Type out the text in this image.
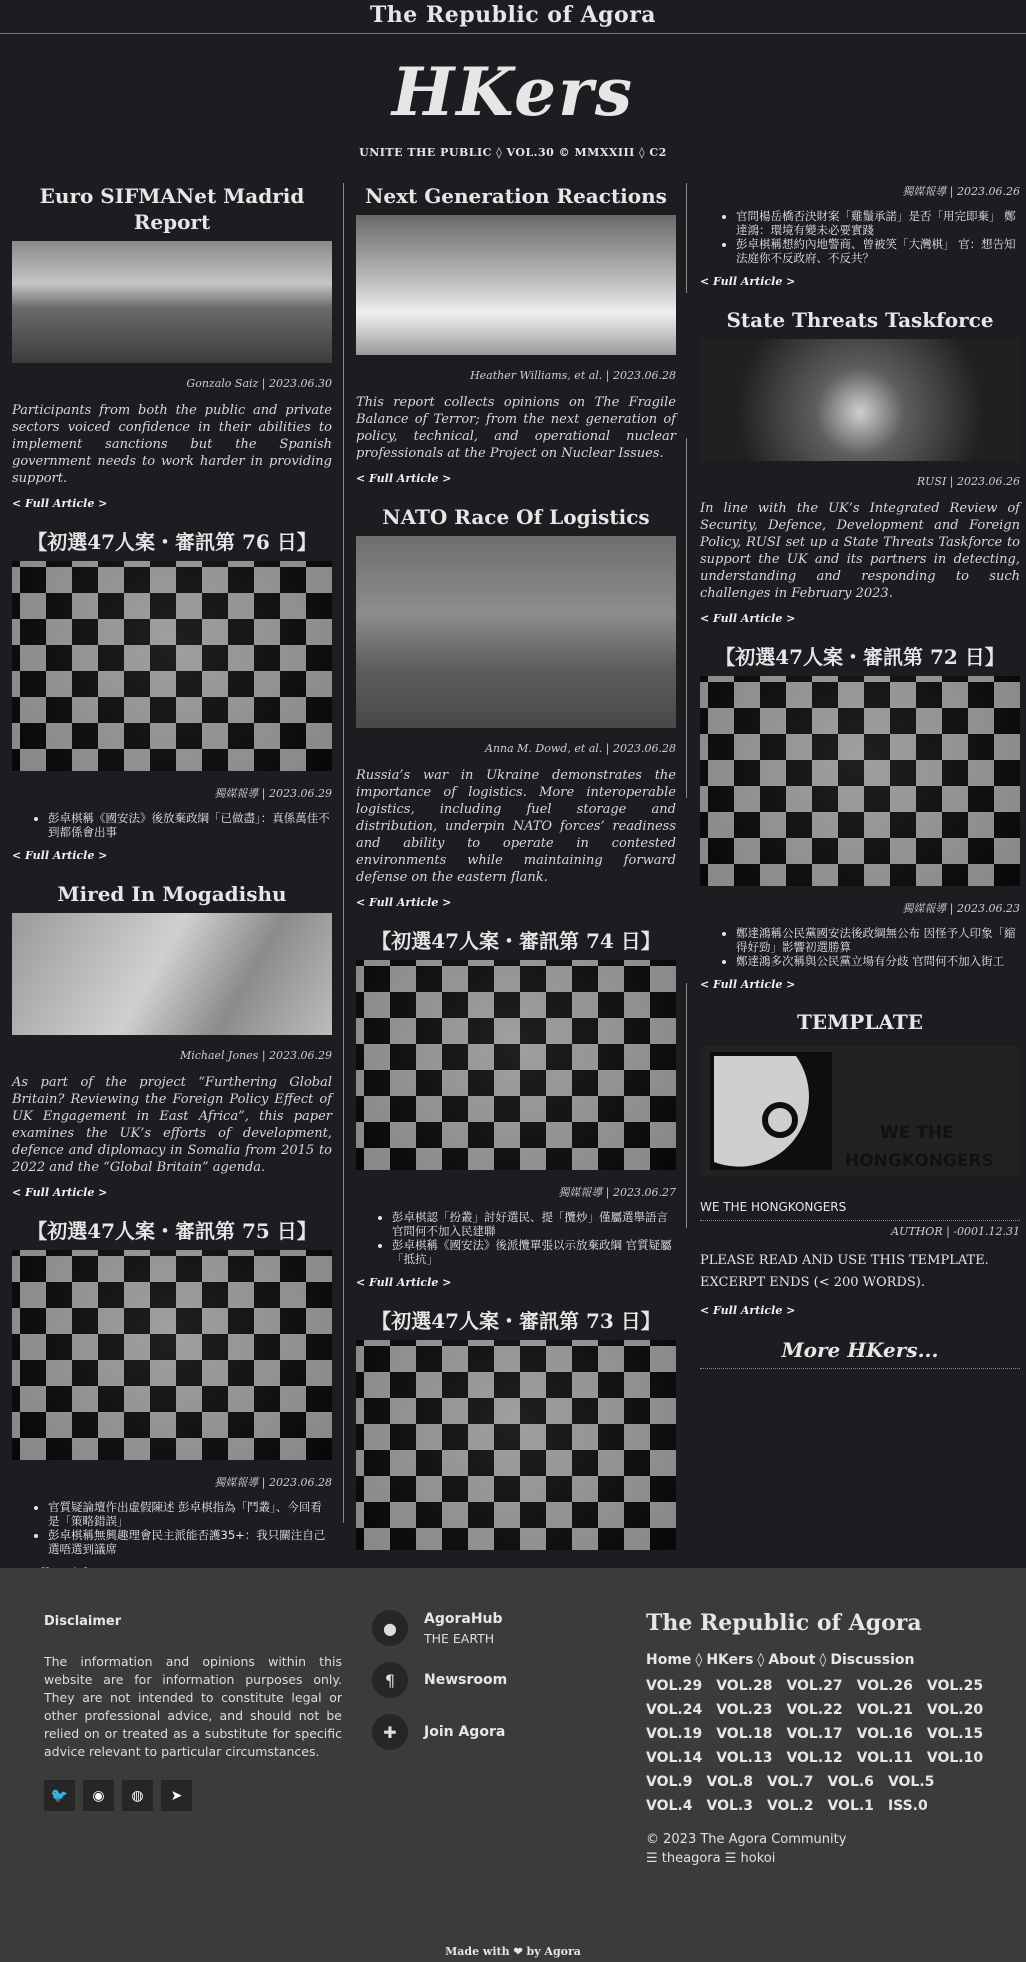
The Republic of Agora
HKers
UNITE THE PUBLIC ◊ VOL.30 © MMXXIII ◊ C2
Euro SIFMANet Madrid Report
Gonzalo Saiz | 2023.06.30
Participants from both the public and private sectors voiced confidence in their abilities to implement sanctions but the Spanish government needs to work harder in providing support.
< Full Article >
【初選47人案・審訊第 76 日】
獨媒報導 | 2023.06.29
• 彭卓棋稱《國安法》後放棄政綱「已做盡」：真係萬佳不到都係會出事
< Full Article >
Mired In Mogadishu
Michael Jones | 2023.06.29
As part of the project “Furthering Global Britain? Reviewing the Foreign Policy Effect of UK Engagement in East Africa”, this paper examines the UK’s efforts of development, defence and diplomacy in Somalia from 2015 to 2022 and the “Global Britain” agenda.
< Full Article >
【初選47人案・審訊第 75 日】
獨媒報導 | 2023.06.28
• 官質疑論壇作出虛假陳述 彭卓棋指為「鬥叢」、今回看是「策略錯誤」
• 彭卓棋稱無興趣理會民主派能否護35+：我只關注自己選唔選到議席
Next Generation Reactions
Heather Williams, et al. | 2023.06.28
This report collects opinions on The Fragile Balance of Terror; from the next generation of policy, technical, and operational nuclear professionals at the Project on Nuclear Issues.
< Full Article >
NATO Race Of Logistics
Anna M. Dowd, et al. | 2023.06.28
Russia’s war in Ukraine demonstrates the importance of logistics. More interoperable logistics, including fuel storage and distribution, underpin NATO forces’ readiness and ability to operate in contested environments while maintaining forward defense on the eastern flank.
< Full Article >
【初選47人案・審訊第 74 日】
獨媒報導 | 2023.06.27
• 彭卓棋認「扮叢」討好選民、提「攬炒」僅屬選舉語言 官問何不加入民建聯
• 彭卓棋稱《國安法》後派攬單張以示放棄政綱 官質疑屬「抵抗」
< Full Article >
【初選47人案・審訊第 73 日】
獨媒報導 | 2023.06.26
• 官問楊岳橋否決財案「雞鬚承諾」是否「用完即棄」 鄭達鴻：環境有變未必要實踐
• 彭卓棋稱想約內地警商、曾被笑「大灣棋」 官：想告知法庭你不反政府、不反共？
< Full Article >
State Threats Taskforce
RUSI | 2023.06.26
In line with the UK’s Integrated Review of Security, Defence, Development and Foreign Policy, RUSI set up a State Threats Taskforce to support the UK and its partners in detecting, understanding and responding to such challenges in February 2023.
< Full Article >
【初選47人案・審訊第 72 日】
獨媒報導 | 2023.06.23
• 鄭達鴻稱公民黨國安法後政綱無公布 因怪予人印象「縮得好勁」影響初選勝算
• 鄭達鴻多次稱與公民黨立場有分歧 官問何不加入街工
< Full Article >
TEMPLATE
WE THE
HONGKONGERS
WE THE HONGKONGERS
AUTHOR | -0001.12.31
PLEASE READ AND USE THIS TEMPLATE.
EXCERPT ENDS (< 200 WORDS).
< Full Article >
More HKers...
Disclaimer

The information and opinions within this website are for information purposes only. They are not intended to constitute legal or other professional advice, and should not be relied on or treated as a substitute for specific advice relevant to particular circumstances.

🐦	◉	◍	➤
●	AgoraHub
THE EARTH
¶	Newsroom
✚	Join Agora
The Republic of Agora
Home ◊ HKers ◊ About ◊ Discussion
VOL.29 VOL.28 VOL.27 VOL.26 VOL.25
VOL.24 VOL.23 VOL.22 VOL.21 VOL.20
VOL.19 VOL.18 VOL.17 VOL.16 VOL.15
VOL.14 VOL.13 VOL.12 VOL.11 VOL.10
VOL.9 VOL.8 VOL.7 VOL.6 VOL.5
VOL.4 VOL.3 VOL.2 VOL.1 ISS.0
© 2023 The Agora Community
☰ theagora ☰ hokoi
Made with ❤ by Agora
